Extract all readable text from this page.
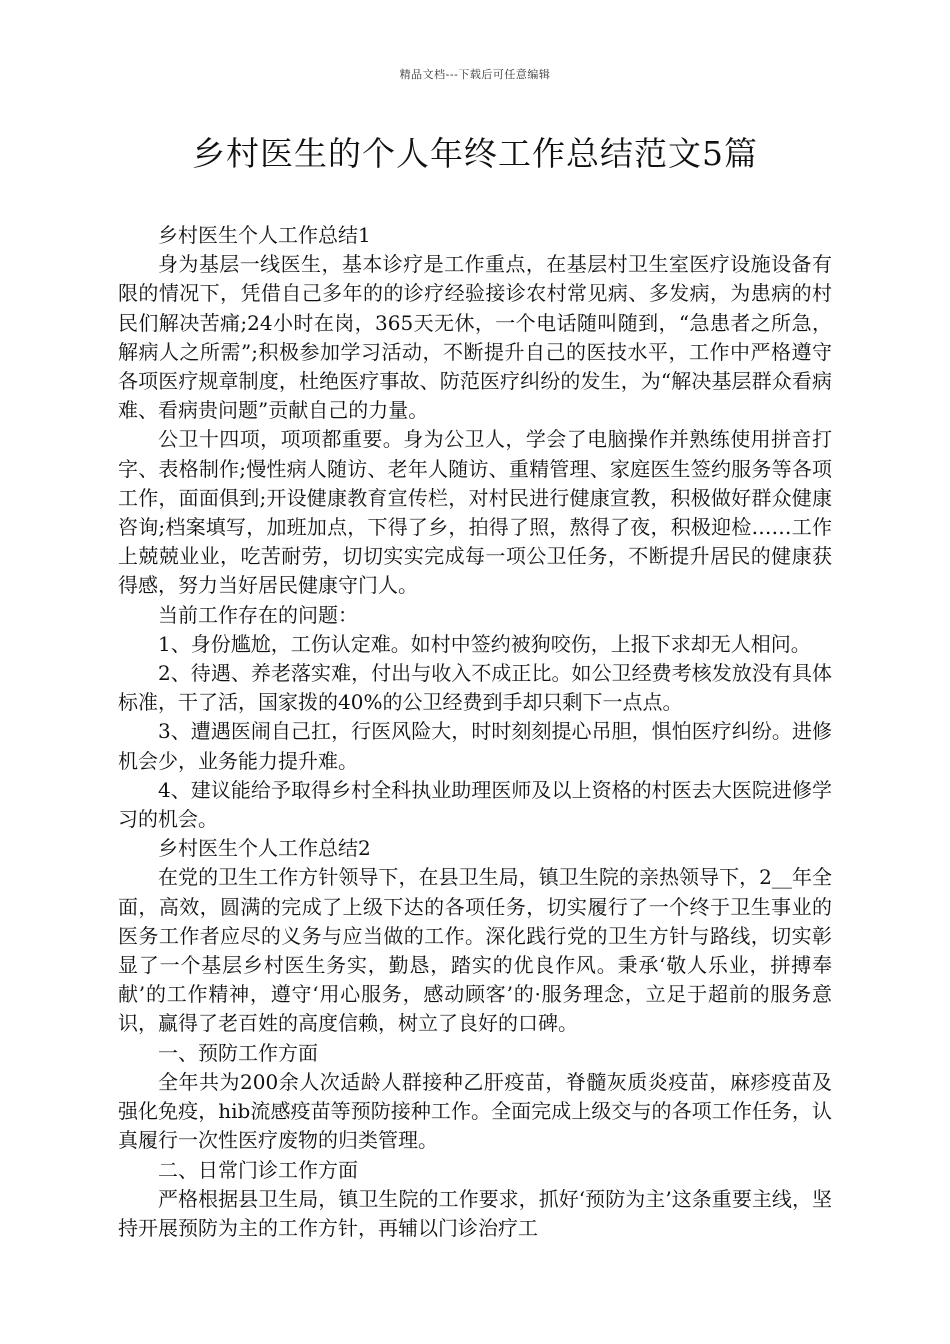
精品文档---下载后可任意编辑
乡村医生的个人年终工作总结范文5篇

乡村医生个人工作总结1

身为基层一线医生，基本诊疗是工作重点，在基层村卫生室医疗设施设备有限的情况下，凭借自己多年的的诊疗经验接诊农村常见病、多发病，为患病的村民们解决苦痛;24小时在岗，365天无休，一个电话随叫随到，“急患者之所急，解病人之所需”;积极参加学习活动，不断提升自己的医技水平，工作中严格遵守各项医疗规章制度，杜绝医疗事故、防范医疗纠纷的发生，为“解决基层群众看病难、看病贵问题”贡献自己的力量。

公卫十四项，项项都重要。身为公卫人，学会了电脑操作并熟练使用拼音打字、表格制作;慢性病人随访、老年人随访、重精管理、家庭医生签约服务等各项工作，面面俱到;开设健康教育宣传栏，对村民进行健康宣教，积极做好群众健康咨询;档案填写，加班加点，下得了乡，拍得了照，熬得了夜，积极迎检……工作上兢兢业业，吃苦耐劳，切切实实完成每一项公卫任务，不断提升居民的健康获得感，努力当好居民健康守门人。

当前工作存在的问题：

1、身份尴尬，工伤认定难。如村中签约被狗咬伤，上报下求却无人相问。

2、待遇、养老落实难，付出与收入不成正比。如公卫经费考核发放没有具体标准，干了活，国家拨的40%的公卫经费到手却只剩下一点点。

3、遭遇医闹自己扛，行医风险大，时时刻刻提心吊胆，惧怕医疗纠纷。进修机会少，业务能力提升难。

4、建议能给予取得乡村全科执业助理医师及以上资格的村医去大医院进修学习的机会。

乡村医生个人工作总结2

在党的卫生工作方针领导下，在县卫生局，镇卫生院的亲热领导下，2__年全面，高效，圆满的完成了上级下达的各项任务，切实履行了一个终于卫生事业的医务工作者应尽的义务与应当做的工作。深化践行党的卫生方针与路线，切实彰显了一个基层乡村医生务实，勤恳，踏实的优良作风。秉承‘敬人乐业，拼搏奉献’的工作精神，遵守‘用心服务，感动顾客’的·服务理念，立足于超前的服务意识，赢得了老百姓的高度信赖，树立了良好的口碑。

一、预防工作方面

全年共为200余人次适龄人群接种乙肝疫苗，脊髓灰质炎疫苗，麻疹疫苗及强化免疫，hib流感疫苗等预防接种工作。全面完成上级交与的各项工作任务，认真履行一次性医疗废物的归类管理。

二、日常门诊工作方面

严格根据县卫生局，镇卫生院的工作要求，抓好‘预防为主’这条重要主线，坚持开展预防为主的工作方针，再辅以门诊治疗工
